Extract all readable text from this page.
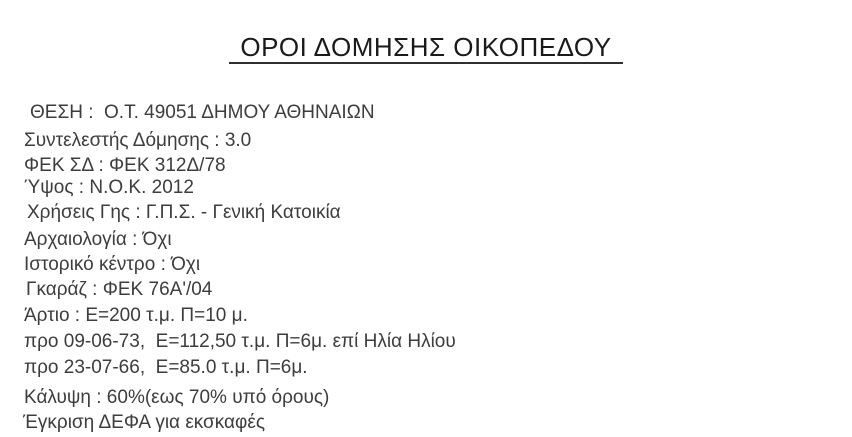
ΟΡΟΙ ΔΟΜΗΣΗΣ ΟΙΚΟΠΕΔΟΥ
ΘΕΣΗ :  Ο.Τ. 49051 ΔΗΜΟΥ ΑΘΗΝΑΙΩΝ
Συντελεστής Δόμησης : 3.0
ΦΕΚ ΣΔ : ΦΕΚ 312Δ/78
Ύψος : Ν.Ο.Κ. 2012
Χρήσεις Γης : Γ.Π.Σ. - Γενική Κατοικία
Αρχαιολογία : Όχι
Ιστορικό κέντρο : Όχι
Γκαράζ : ΦΕΚ 76Α'/04
Άρτιο : Ε=200 τ.μ. Π=10 μ.
προ 09-06-73,  Ε=112,50 τ.μ. Π=6μ. επί Ηλία Ηλίου
προ 23-07-66,  Ε=85.0 τ.μ. Π=6μ.
Κάλυψη : 60%(εως 70% υπό όρους)
Έγκριση ΔΕΦΑ για εκσκαφές
